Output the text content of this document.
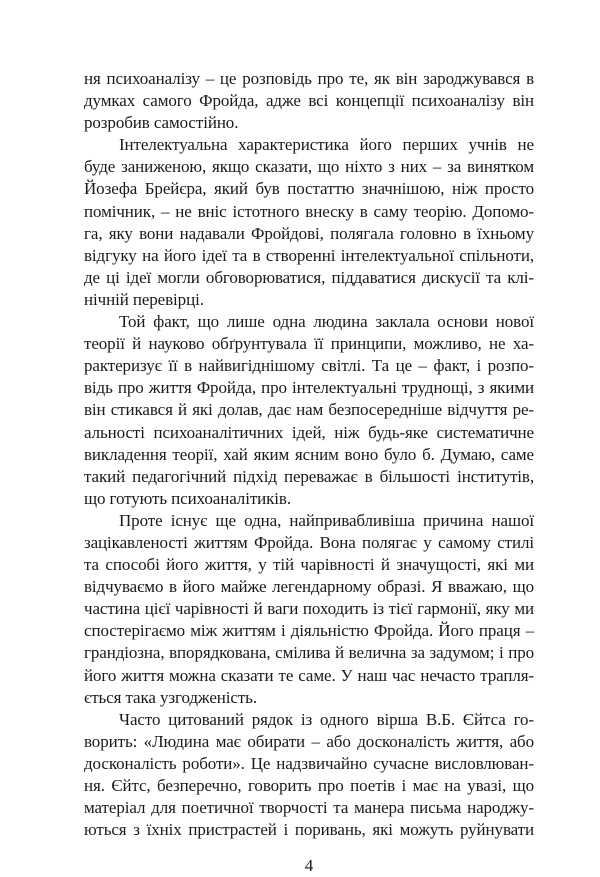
ня психоаналізу – це розповідь про те, як він зароджувався в
думках самого Фройда, адже всі концепції психоаналізу він
розробив самостійно.
Інтелектуальна характеристика його перших учнів не
буде заниженою, якщо сказати, що ніхто з них – за винятком
Йозефа Брейєра, який був постаттю значнішою, ніж просто
помічник, – не вніс істотного внеску в саму теорію. Допомо-
га, яку вони надавали Фройдові, полягала головно в їхньому
відгуку на його ідеї та в створенні інтелектуальної спільноти,
де ці ідеї могли обговорюватися, піддаватися дискусії та клі-
нічній перевірці.
Той факт, що лише одна людина заклала основи нової
теорії й науково обґрунтувала її принципи, можливо, не ха-
рактеризує її в найвигіднішому світлі. Та це – факт, і розпо-
відь про життя Фройда, про інтелектуальні труднощі, з якими
він стикався й які долав, дає нам безпосередніше відчуття ре-
альності психоаналітичних ідей, ніж будь-яке систематичне
викладення теорії, хай яким ясним воно було б. Думаю, саме
такий педагогічний підхід переважає в більшості інститутів,
що готують психоаналітиків.
Проте існує ще одна, найпривабливіша причина нашої
зацікавленості життям Фройда. Вона полягає у самому стилі
та способі його життя, у тій чарівності й значущості, які ми
відчуваємо в його майже легендарному образі. Я вважаю, що
частина цієї чарівності й ваги походить із тієї гармонії, яку ми
спостерігаємо між життям і діяльністю Фройда. Його праця –
грандіозна, впорядкована, смілива й велична за задумом; і про
його життя можна сказати те саме. У наш час нечасто трапля-
ється така узгодженість.
Часто цитований рядок із одного вірша В.Б. Єйтса го-
ворить: «Людина має обирати – або досконалість життя, або
досконалість роботи». Це надзвичайно сучасне висловлюван-
ня. Єйтс, безперечно, говорить про поетів і має на увазі, що
матеріал для поетичної творчості та манера письма народжу-
ються з їхніх пристрастей і поривань, які можуть руйнувати
4
